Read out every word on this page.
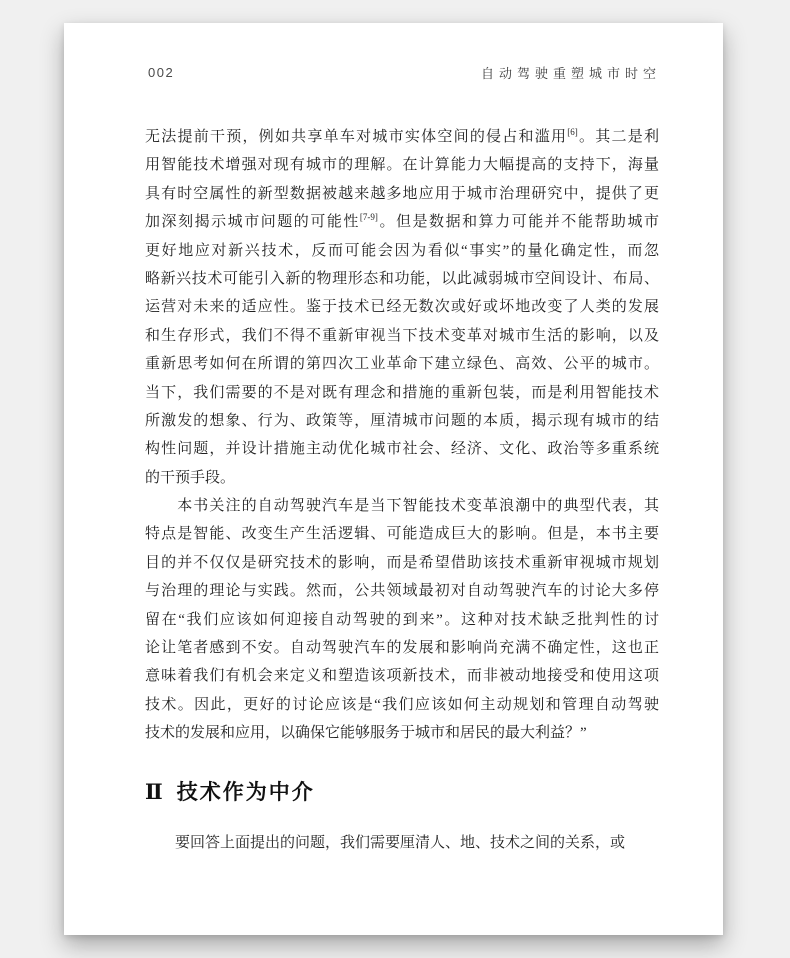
002	自动驾驶重塑城市时空
无法提前干预，例如共享单车对城市实体空间的侵占和滥用[6]。其二是利
用智能技术增强对现有城市的理解。在计算能力大幅提高的支持下，海量
具有时空属性的新型数据被越来越多地应用于城市治理研究中，提供了更
加深刻揭示城市问题的可能性[7-9]。但是数据和算力可能并不能帮助城市
更好地应对新兴技术，反而可能会因为看似“事实”的量化确定性，而忽
略新兴技术可能引入新的物理形态和功能，以此减弱城市空间设计、布局、
运营对未来的适应性。鉴于技术已经无数次或好或坏地改变了人类的发展
和生存形式，我们不得不重新审视当下技术变革对城市生活的影响，以及
重新思考如何在所谓的第四次工业革命下建立绿色、高效、公平的城市。
当下，我们需要的不是对既有理念和措施的重新包装，而是利用智能技术
所激发的想象、行为、政策等，厘清城市问题的本质，揭示现有城市的结
构性问题，并设计措施主动优化城市社会、经济、文化、政治等多重系统
的干预手段。
　　本书关注的自动驾驶汽车是当下智能技术变革浪潮中的典型代表，其
特点是智能、改变生产生活逻辑、可能造成巨大的影响。但是，本书主要
目的并不仅仅是研究技术的影响，而是希望借助该技术重新审视城市规划
与治理的理论与实践。然而，公共领域最初对自动驾驶汽车的讨论大多停
留在“我们应该如何迎接自动驾驶的到来”。这种对技术缺乏批判性的讨
论让笔者感到不安。自动驾驶汽车的发展和影响尚充满不确定性，这也正
意味着我们有机会来定义和塑造该项新技术，而非被动地接受和使用这项
技术。因此，更好的讨论应该是“我们应该如何主动规划和管理自动驾驶
技术的发展和应用，以确保它能够服务于城市和居民的最大利益？”
Ⅱ 技术作为中介
　　要回答上面提出的问题，我们需要厘清人、地、技术之间的关系，或
